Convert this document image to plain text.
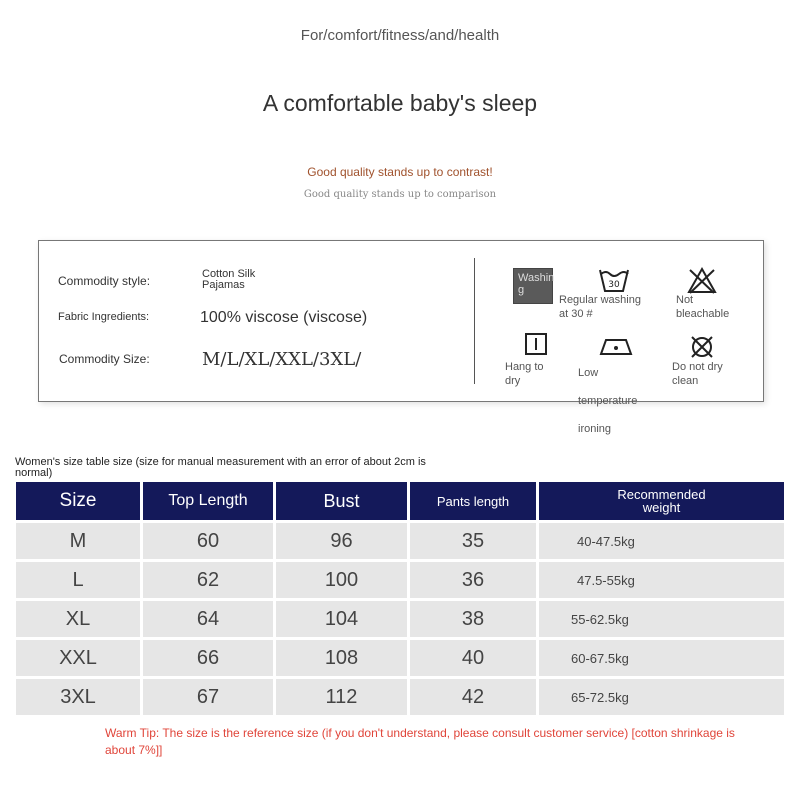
For/comfort/fitness/and/health
A comfortable baby's sleep
Good quality stands up to contrast!
Good quality stands up to comparison
Commodity style:	Cotton Silk
Pajamas
Fabric Ingredients:	100% viscose (viscose)
Commodity Size:	M/L/XL/XXL/3XL/
Washin
g	30
Regular washing
at 30 #
Not
bleachable
Hang to
dry
Low
temperature
ironing
Do not dry
clean
Women's size table size (size for manual measurement with an error of about 2cm is normal)
Size	Top Length	Bust	Pants length	Recommended weight
M	60	96	35	40-47.5kg
L	62	100	36	47.5-55kg
XL	64	104	38	55-62.5kg
XXL	66	108	40	60-67.5kg
3XL	67	112	42	65-72.5kg
Warm Tip: The size is the reference size (if you don't understand, please consult customer service) [cotton shrinkage is about 7%]]
